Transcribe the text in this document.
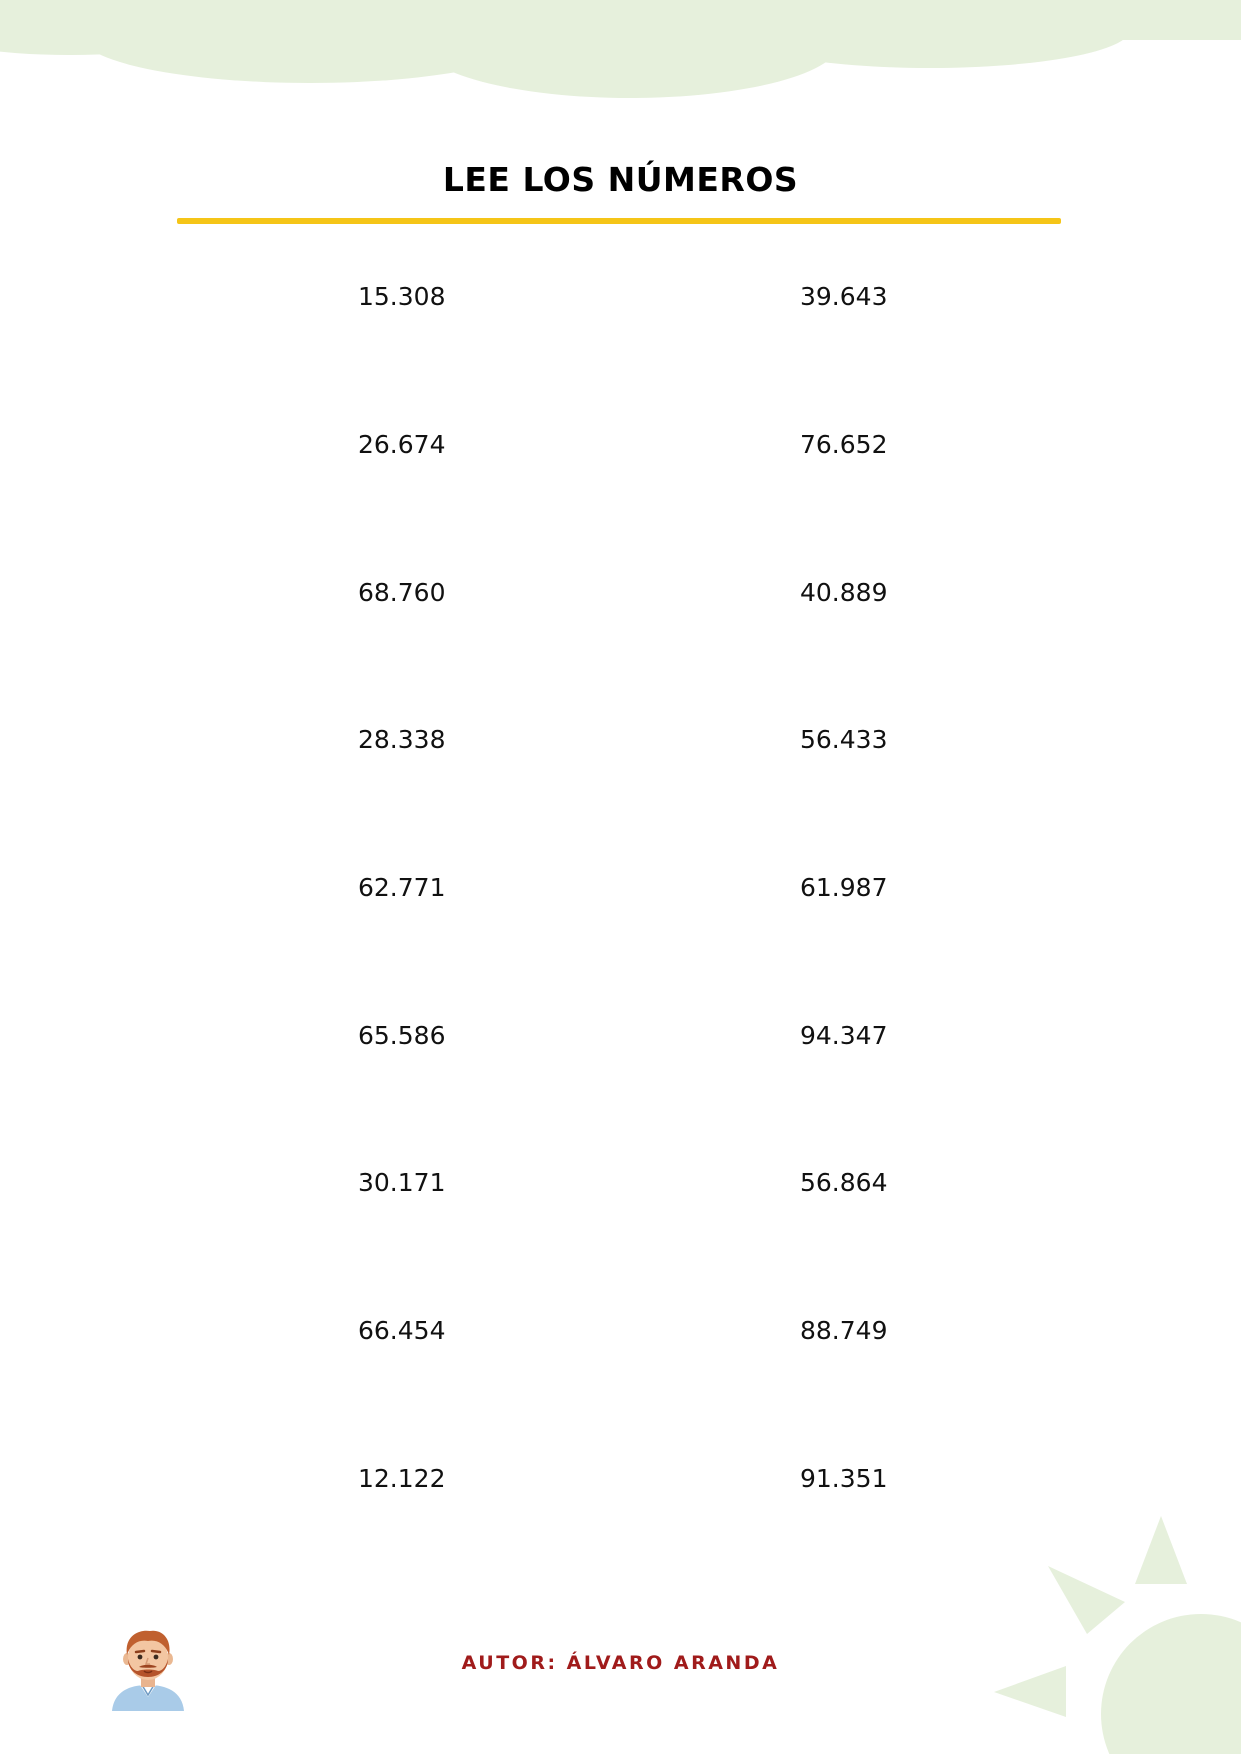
LEE LOS NÚMEROS
15.308	39.643
26.674	76.652
68.760	40.889
28.338	56.433
62.771	61.987
65.586	94.347
30.171	56.864
66.454	88.749
12.122	91.351
AUTOR: ÁLVARO ARANDA
